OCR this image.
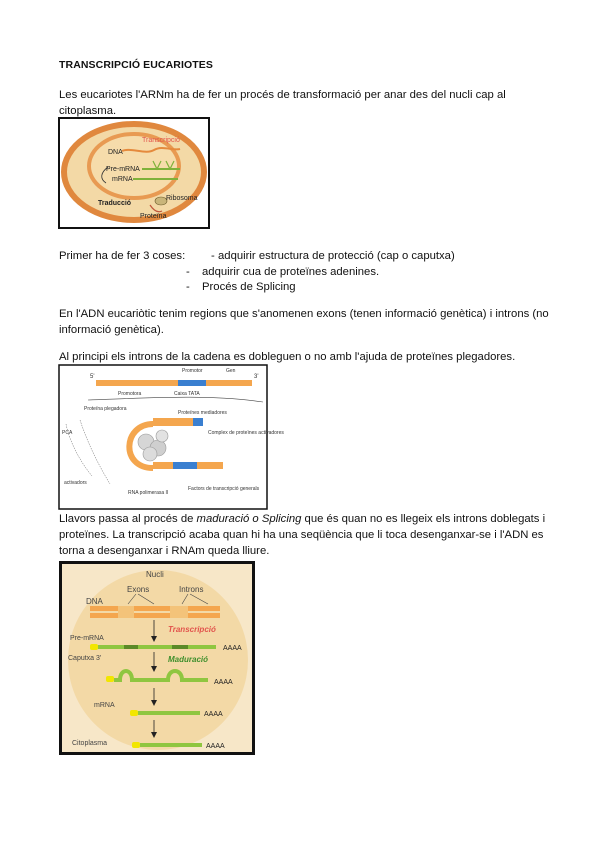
TRANSCRIPCIÓ EUCARIOTES
Les eucariotes l'ARNm ha de fer un procés de transformació per anar des del nucli cap al citoplasma.
Transcripció
DNA
Pre-mRNA
mRNA
Traducció
Ribosoma
Proteïna
Primer ha de fer 3 coses: - adquirir estructura de protecció (cap o caputxa)
- adquirir cua de proteïnes adenines.
- Procés de Splicing
En l'ADN eucariòtic tenim regions que s'anomenen exons (tenen informació genètica) i introns (no informació genètica).
Al principi els introns de la cadena es dobleguen o no amb l'ajuda de proteïnes plegadores.
5'	3'
Promotor	Gen
Promotora	Caixa TATA
Proteïna plegadora
PCA
activadors
Proteïnes mediadores
Complex de proteïnes activadores
RNA polimerasa II
Factors de transcripció generals
Llavors passa al procés de maduració o Splicing que és quan no es llegeix els introns doblegats i proteïnes. La transcripció acaba quan hi ha una seqüència que li toca desenganxar-se i l'ADN es torna a desenganxar i RNAm queda lliure.
Nucli
Exons	Introns
DNA
Transcripció
Pre-mRNA
AAAA
Caputxa 3'	Maduració
AAAA
mRNA
AAAA
Citoplasma	AAAA
